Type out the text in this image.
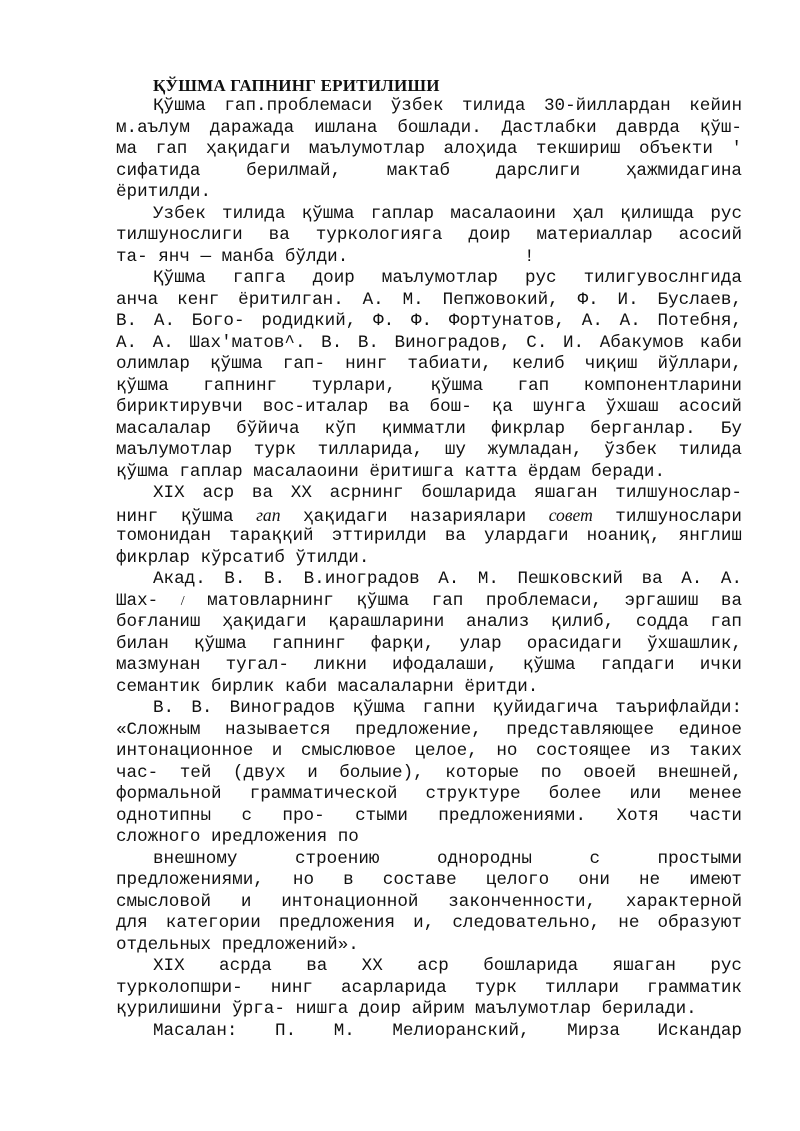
ҚЎШМА ГАПНИНГ ЕРИТИЛИШИ
Қўшма гап.проблемаси ўзбек тилида 30-йиллардан кейин
м.аълум даражада ишлана бошлади. Дастлабки даврда қўш-
ма гап ҳақидаги маълумотлар алоҳида текшириш объекти '
сифатида берилмай, мактаб дарслиги ҳажмидагина
ёритилди.
Узбек тилида қўшма гаплар масалаоини ҳал қилишда рус
тилшунослиги ва туркологияга доир материаллар асосий
та- янч — манба бўлди.	!
Қўшма гапга доир маълумотлар рус тилигувослнгида
анча кенг ёритилган. А. М. Пепжовокий, Ф. И. Буслаев,
В. А. Бого- родидкий, Ф. Ф. Фортунатов, А. А. Потебня,
А. А. Шах'матов^. В. В. Виноградов, С. И. Абакумов каби
олимлар қўшма гап- нинг табиати, келиб чиқиш йўллари,
қўшма гапнинг турлари, қўшма гап компонентларини
бириктирувчи вос-италар ва бош- қа шунга ўхшаш асосий
масалалар бўйича кўп қимматли фикрлар берганлар. Бу
маълумотлар турк тилларида, шу жумладан, ўзбек тилида
қўшма гаплар масалаоини ёритишга катта ёрдам беради.
XIX аср ва XX асрнинг бошларида яшаган тилшунослар-
нинг қўшма гап ҳақидаги назариялари совет тилшунослари
томонидан тараққий эттирилди ва улардаги ноаниқ, янглиш
фикрлар кўрсатиб ўтилди.
Акад. В. В. В.иноградов А. М. Пешковский ва А. А.
Шах- / матовларнинг қўшма гап проблемаси, эргашиш ва
боғланиш ҳақидаги қарашларини анализ қилиб, содда гап
билан қўшма гапнинг фарқи, улар орасидаги ўхшашлик,
мазмунан тугал- ликни ифодалаши, қўшма гапдаги ички
семантик бирлик каби масалаларни ёритди.
В. В. Виноградов қўшма гапни қуйидагича таърифлайди:
«Сложным называется предложение, представляющее единое
интонационное и смыслювое целое, но состоящее из таких
час- тей (двух и болыие), которые по овоей внешней,
формальной грамматической структуре более или менее
однотипны с про- стыми предложениями. Хотя части
сложного иредложения по
внешному строению однородны с простыми
предложениями, но в составе целого они не имеют
смысловой и интонационной законченности, характерной
для категории предложения и, следовательно, не образуют
отдельных предложений».
XIX асрда ва XX аср бошларида яшаган рус
турколопшри- нинг асарларида турк тиллари грамматик
қурилишини ўрга- нишга доир айрим маълумотлар берилади.
Масалан: П. М. Мелиоранский, Мирза Искандар
